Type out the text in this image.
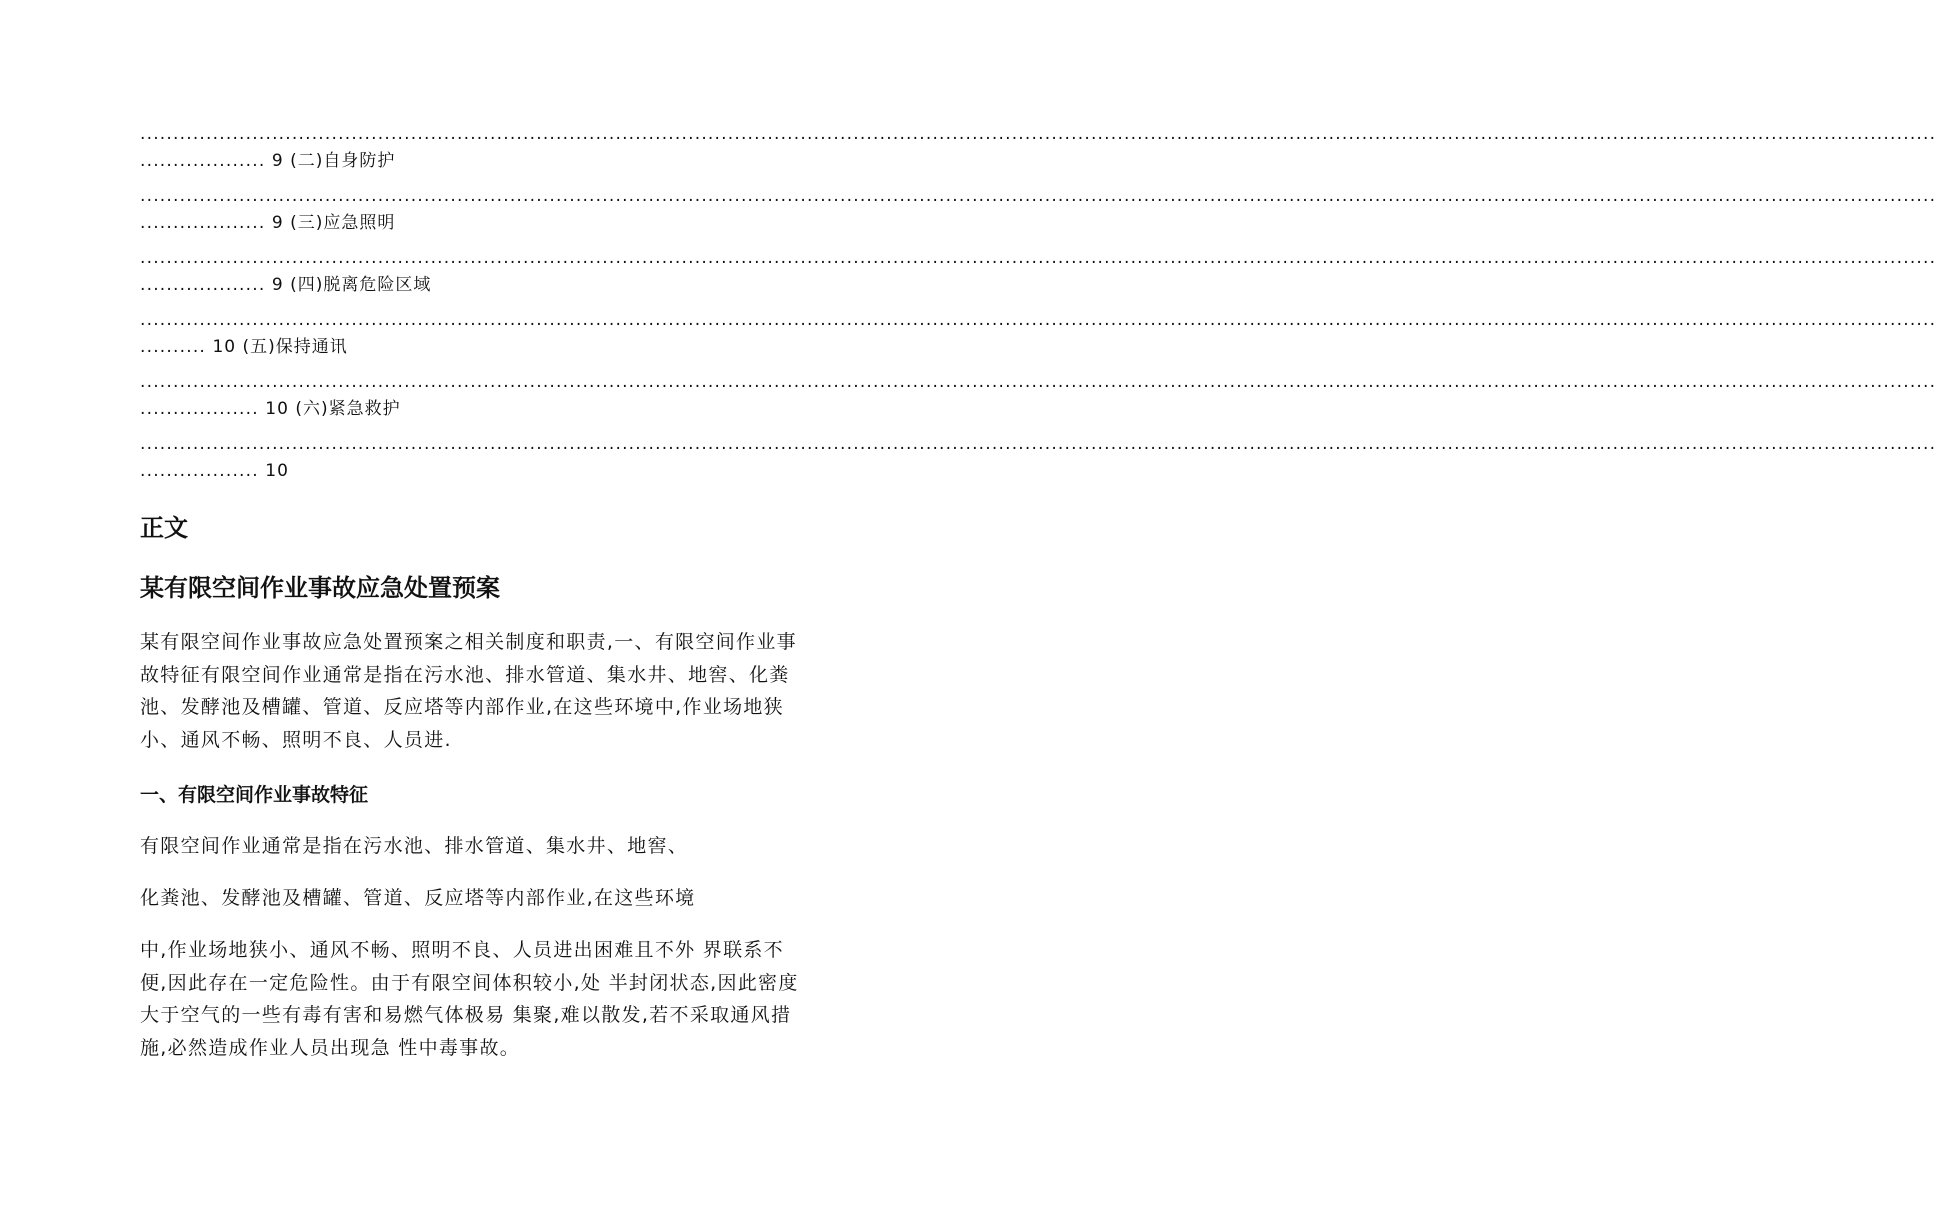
................................................................................................................................................................................................................................................................................
................... 9 (二)自身防护
................................................................................................................................................................................................................................................................................
................... 9 (三)应急照明
................................................................................................................................................................................................................................................................................
................... 9 (四)脱离危险区域
................................................................................................................................................................................................................................................................................
.......... 10 (五)保持通讯
................................................................................................................................................................................................................................................................................
.................. 10 (六)紧急救护
................................................................................................................................................................................................................................................................................
.................. 10
正文
某有限空间作业事故应急处置预案
某有限空间作业事故应急处置预案之相关制度和职责,一、有限空间作业事故特征有限空间作业通常是指在污水池、排水管道、集水井、地窖、化粪池、发酵池及槽罐、管道、反应塔等内部作业,在这些环境中,作业场地狭小、通风不畅、照明不良、人员进.
一、有限空间作业事故特征
有限空间作业通常是指在污水池、排水管道、集水井、地窖、
化粪池、发酵池及槽罐、管道、反应塔等内部作业,在这些环境
中,作业场地狭小、通风不畅、照明不良、人员进出困难且不外 界联系不便,因此存在一定危险性。由于有限空间体积较小,处 半封闭状态,因此密度大于空气的一些有毒有害和易燃气体极易 集聚,难以散发,若不采取通风措施,必然造成作业人员出现急 性中毒事故。
